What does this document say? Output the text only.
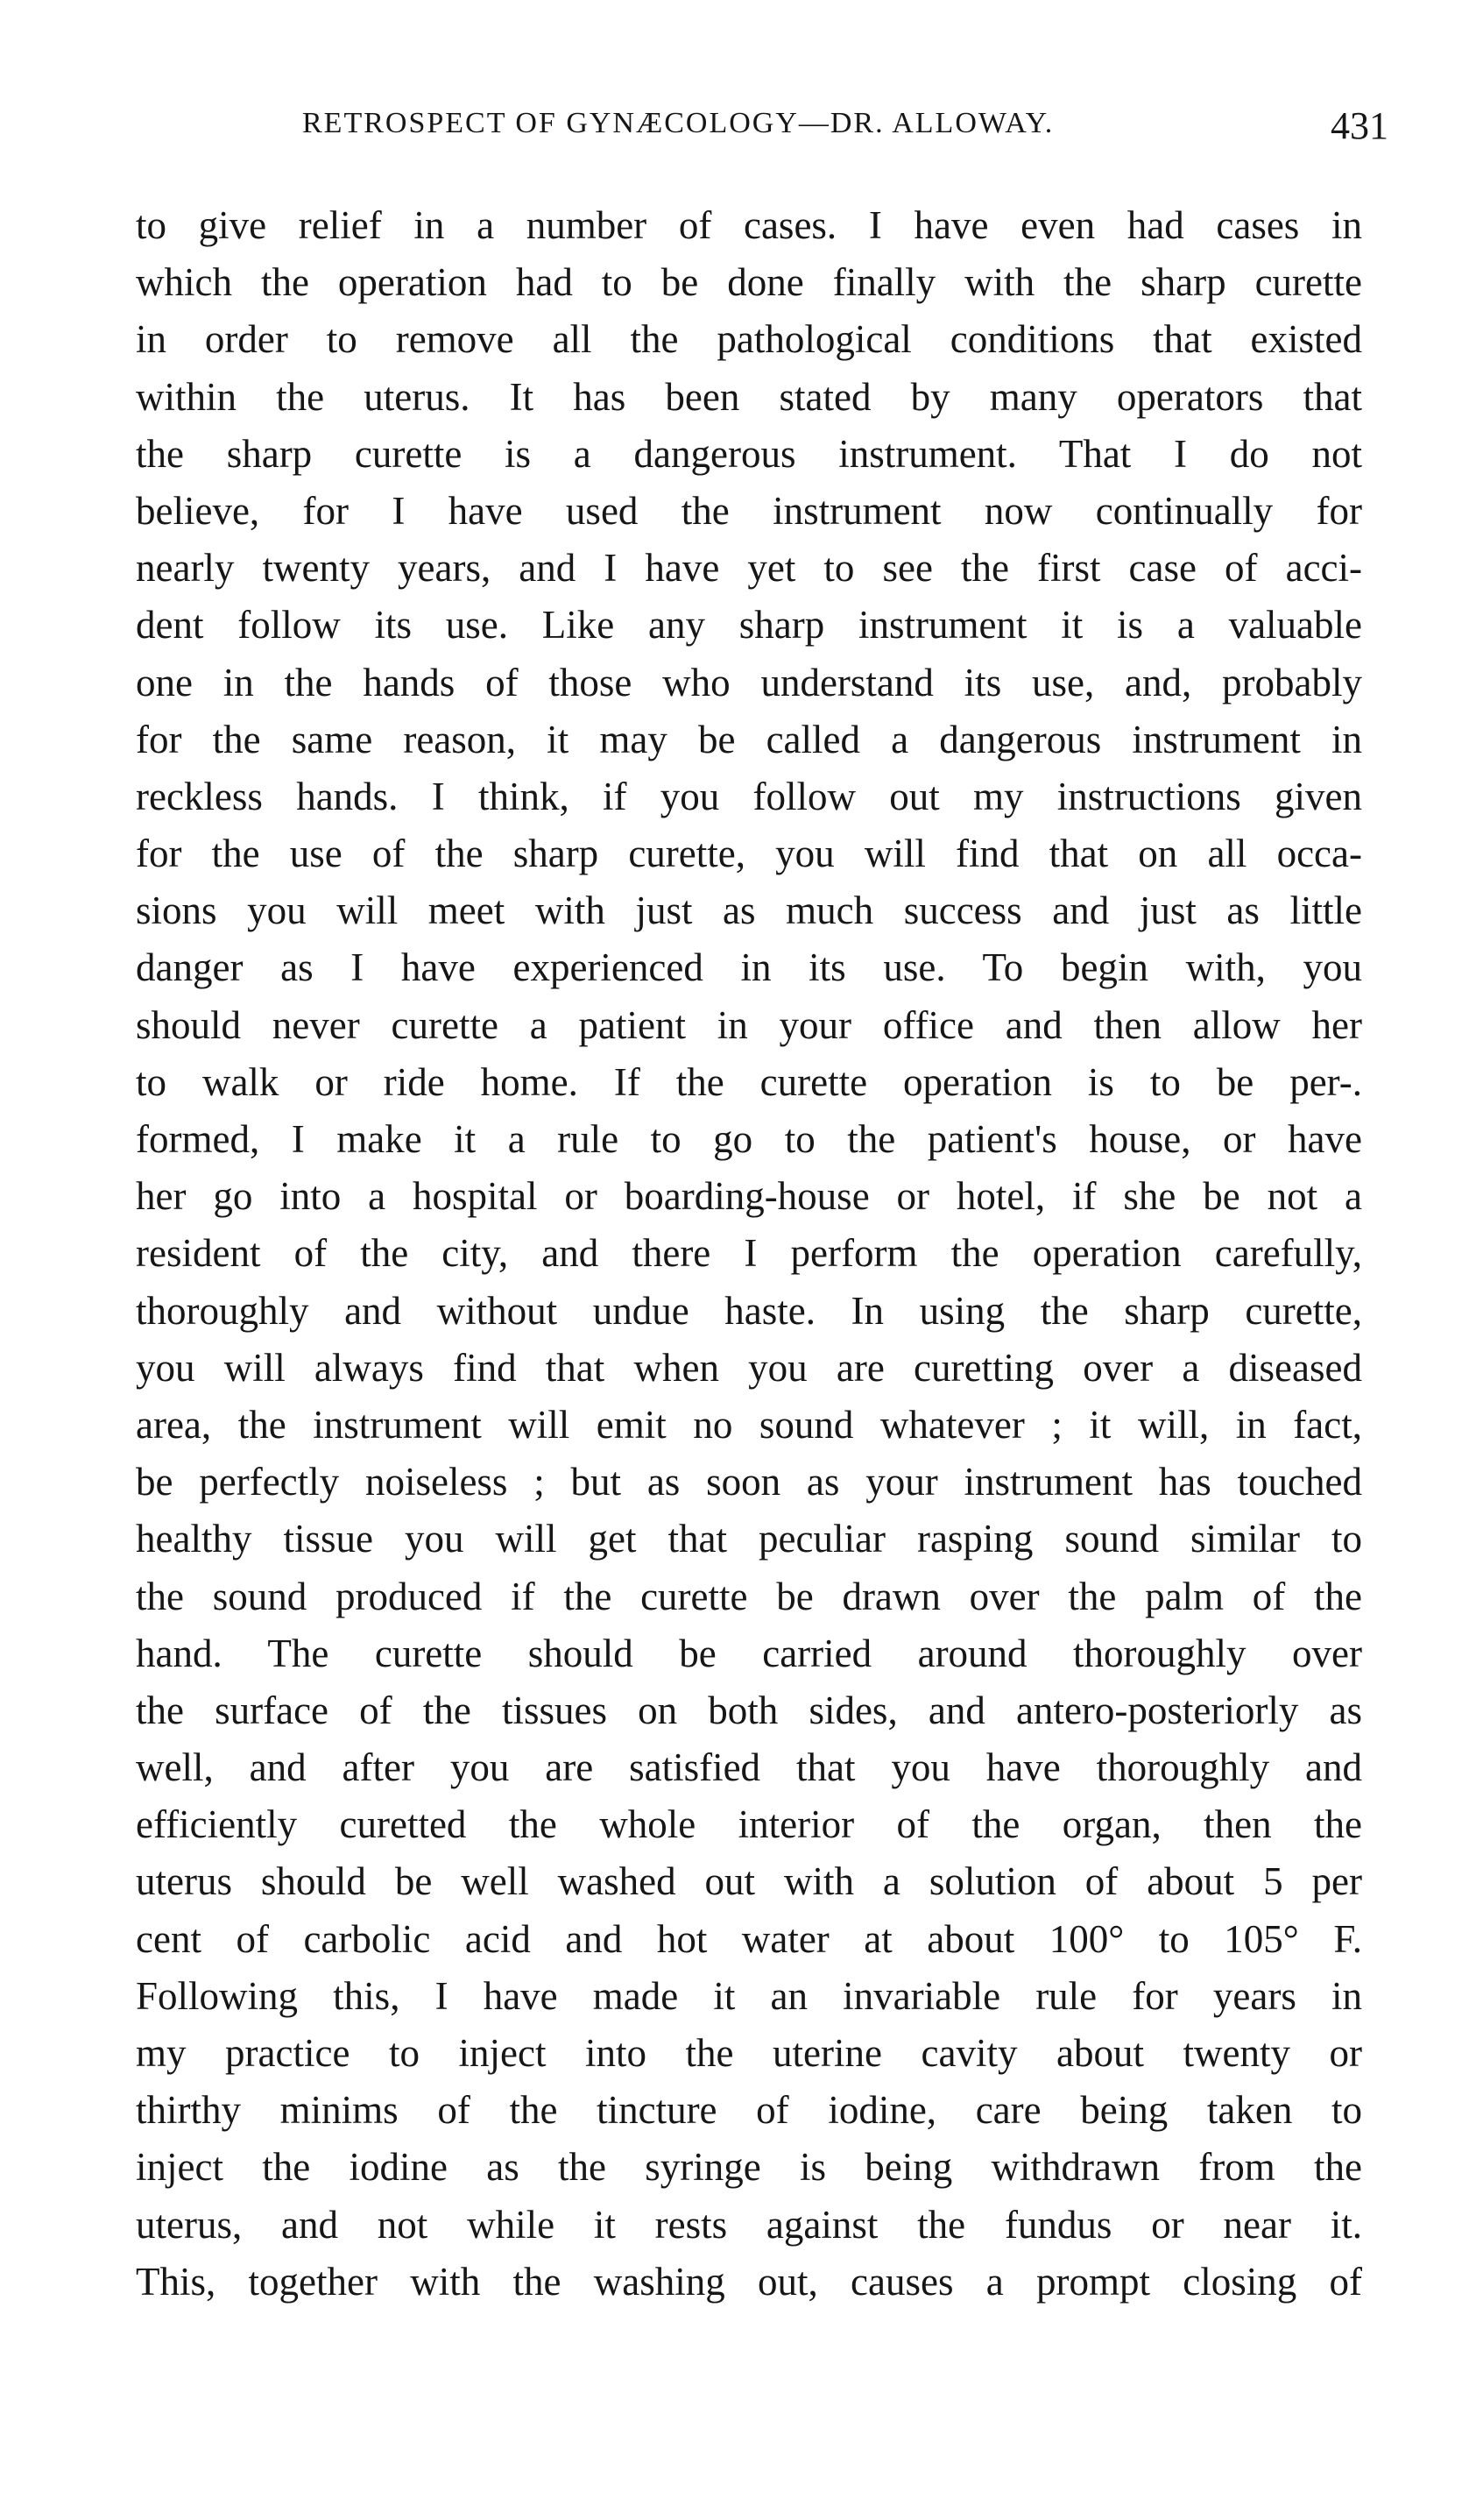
RETROSPECT OF GYNÆCOLOGY—DR. ALLOWAY.	431
to give relief in a number of cases. I have even had cases in
which the operation had to be done finally with the sharp curette
in order to remove all the pathological conditions that existed
within the uterus. It has been stated by many operators that
the sharp curette is a dangerous instrument. That I do not
believe, for I have used the instrument now continually for
nearly twenty years, and I have yet to see the first case of acci-
dent follow its use. Like any sharp instrument it is a valuable
one in the hands of those who understand its use, and, probably
for the same reason, it may be called a dangerous instrument in
reckless hands. I think, if you follow out my instructions given
for the use of the sharp curette, you will find that on all occa-
sions you will meet with just as much success and just as little
danger as I have experienced in its use. To begin with, you
should never curette a patient in your office and then allow her
to walk or ride home. If the curette operation is to be per-.
formed, I make it a rule to go to the patient's house, or have
her go into a hospital or boarding-house or hotel, if she be not a
resident of the city, and there I perform the operation carefully,
thoroughly and without undue haste. In using the sharp curette,
you will always find that when you are curetting over a diseased
area, the instrument will emit no sound whatever ; it will, in fact,
be perfectly noiseless ; but as soon as your instrument has touched
healthy tissue you will get that peculiar rasping sound similar to
the sound produced if the curette be drawn over the palm of the
hand. The curette should be carried around thoroughly over
the surface of the tissues on both sides, and antero-posteriorly as
well, and after you are satisfied that you have thoroughly and
efficiently curetted the whole interior of the organ, then the
uterus should be well washed out with a solution of about 5 per
cent of carbolic acid and hot water at about 100° to 105° F.
Following this, I have made it an invariable rule for years in
my practice to inject into the uterine cavity about twenty or
thirthy minims of the tincture of iodine, care being taken to
inject the iodine as the syringe is being withdrawn from the
uterus, and not while it rests against the fundus or near it.
This, together with the washing out, causes a prompt closing of
